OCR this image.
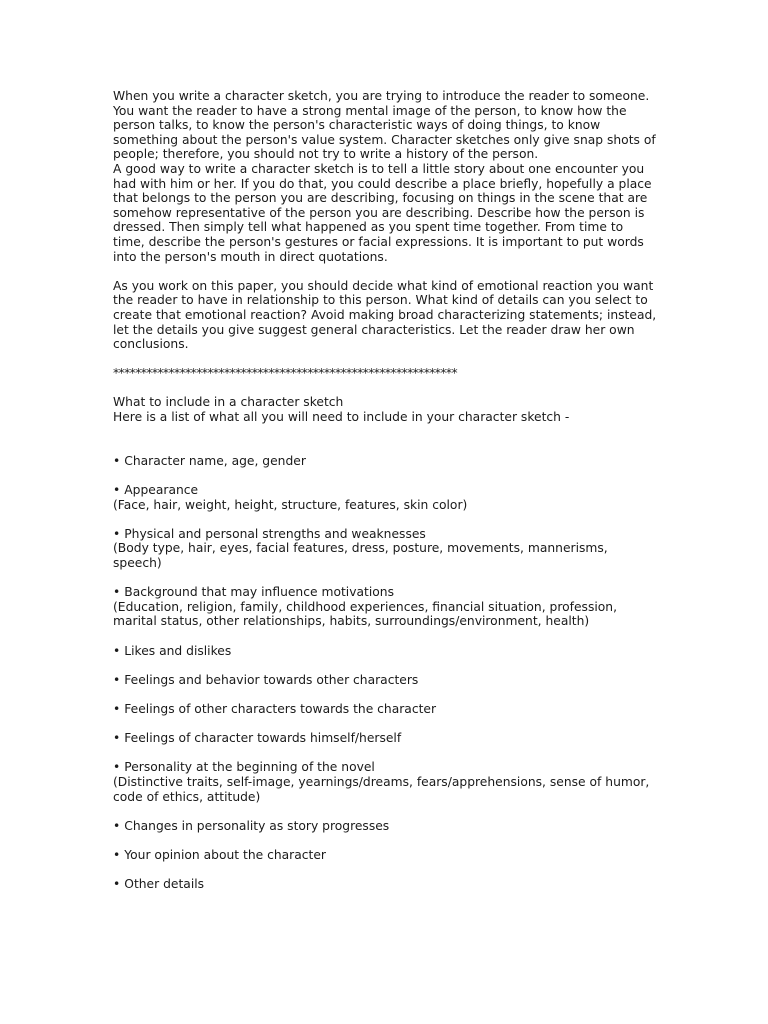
When you write a character sketch, you are trying to introduce the reader to someone. You want the reader to have a strong mental image of the person, to know how the person talks, to know the person's characteristic ways of doing things, to know something about the person's value system. Character sketches only give snap shots of people; therefore, you should not try to write a history of the person.

A good way to write a character sketch is to tell a little story about one encounter you had with him or her. If you do that, you could describe a place briefly, hopefully a place that belongs to the person you are describing, focusing on things in the scene that are somehow representative of the person you are describing. Describe how the person is dressed. Then simply tell what happened as you spent time together. From time to time, describe the person's gestures or facial expressions. It is important to put words into the person's mouth in direct quotations.

As you work on this paper, you should decide what kind of emotional reaction you want the reader to have in relationship to this person. What kind of details can you select to create that emotional reaction? Avoid making broad characterizing statements; instead, let the details you give suggest general characteristics. Let the reader draw her own conclusions.

**************************************************************

What to include in a character sketch

Here is a list of what all you will need to include in your character sketch -

• Character name, age, gender

• Appearance

(Face, hair, weight, height, structure, features, skin color)

• Physical and personal strengths and weaknesses

(Body type, hair, eyes, facial features, dress, posture, movements, mannerisms, speech)

• Background that may influence motivations

(Education, religion, family, childhood experiences, financial situation, profession, marital status, other relationships, habits, surroundings/environment, health)

• Likes and dislikes

• Feelings and behavior towards other characters

• Feelings of other characters towards the character

• Feelings of character towards himself/herself

• Personality at the beginning of the novel

(Distinctive traits, self-image, yearnings/dreams, fears/apprehensions, sense of humor, code of ethics, attitude)

• Changes in personality as story progresses

• Your opinion about the character

• Other details
